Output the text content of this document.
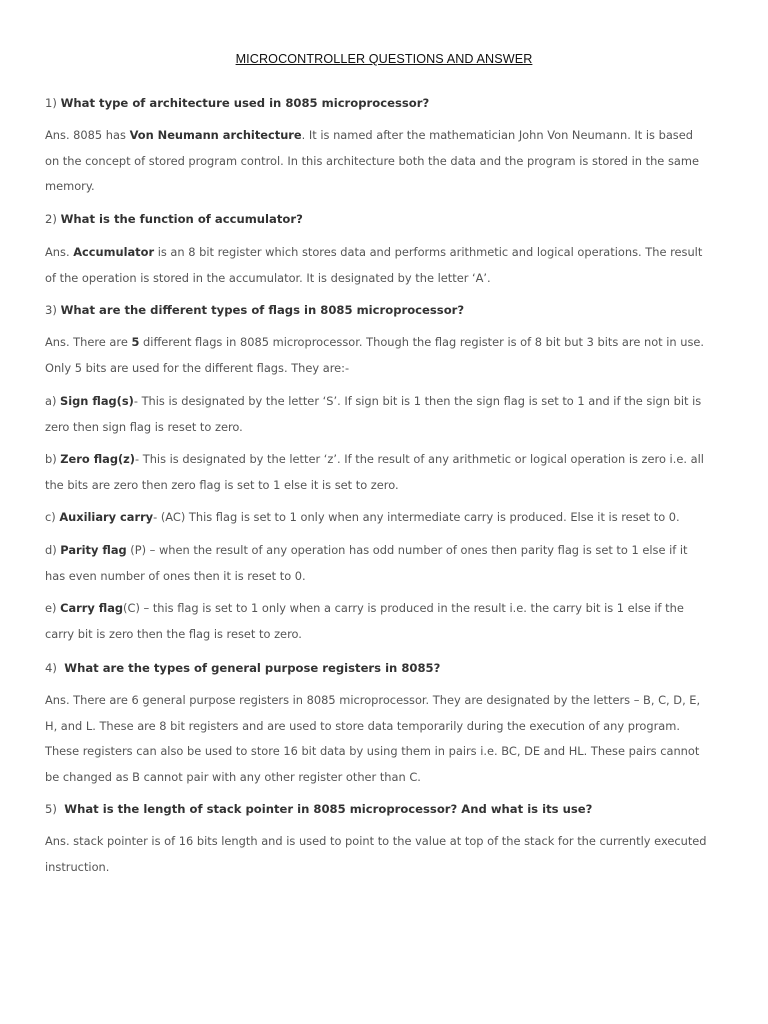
MICROCONTROLLER QUESTIONS AND ANSWER
1) What type of architecture used in 8085 microprocessor?
Ans. 8085 has Von Neumann architecture. It is named after the mathematician John Von Neumann. It is based
on the concept of stored program control. In this architecture both the data and the program is stored in the same
memory.
2) What is the function of accumulator?
Ans. Accumulator is an 8 bit register which stores data and performs arithmetic and logical operations. The result
of the operation is stored in the accumulator. It is designated by the letter ‘A’.
3) What are the different types of flags in 8085 microprocessor?
Ans. There are 5 different flags in 8085 microprocessor. Though the flag register is of 8 bit but 3 bits are not in use.
Only 5 bits are used for the different flags. They are:-
a) Sign flag(s)- This is designated by the letter ‘S’. If sign bit is 1 then the sign flag is set to 1 and if the sign bit is
zero then sign flag is reset to zero.
b) Zero flag(z)- This is designated by the letter ‘z’. If the result of any arithmetic or logical operation is zero i.e. all
the bits are zero then zero flag is set to 1 else it is set to zero.
c) Auxiliary carry- (AC) This flag is set to 1 only when any intermediate carry is produced. Else it is reset to 0.
d) Parity flag (P) – when the result of any operation has odd number of ones then parity flag is set to 1 else if it
has even number of ones then it is reset to 0.
e) Carry flag(C) – this flag is set to 1 only when a carry is produced in the result i.e. the carry bit is 1 else if the
carry bit is zero then the flag is reset to zero.
4) What are the types of general purpose registers in 8085?
Ans. There are 6 general purpose registers in 8085 microprocessor. They are designated by the letters – B, C, D, E,
H, and L. These are 8 bit registers and are used to store data temporarily during the execution of any program.
These registers can also be used to store 16 bit data by using them in pairs i.e. BC, DE and HL. These pairs cannot
be changed as B cannot pair with any other register other than C.
5) What is the length of stack pointer in 8085 microprocessor? And what is its use?
Ans. stack pointer is of 16 bits length and is used to point to the value at top of the stack for the currently executed
instruction.
